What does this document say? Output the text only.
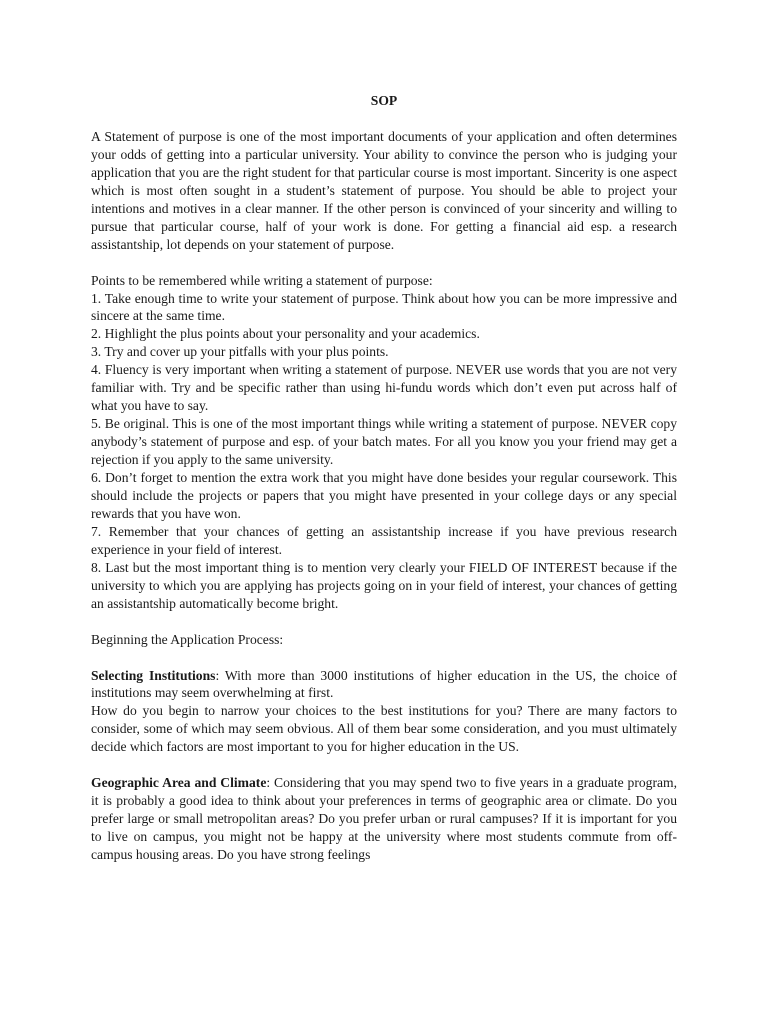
SOP

A Statement of purpose is one of the most important documents of your application and often determines your odds of getting into a particular university. Your ability to convince the person who is judging your application that you are the right student for that particular course is most important. Sincerity is one aspect which is most often sought in a student’s statement of purpose. You should be able to project your intentions and motives in a clear manner. If the other person is convinced of your sincerity and willing to pursue that particular course, half of your work is done. For getting a financial aid esp. a research assistantship, lot depends on your statement of purpose.

Points to be remembered while writing a statement of purpose:

1. Take enough time to write your statement of purpose. Think about how you can be more impressive and sincere at the same time.
2. Highlight the plus points about your personality and your academics.
3. Try and cover up your pitfalls with your plus points.
4. Fluency is very important when writing a statement of purpose. NEVER use words that you are not very familiar with. Try and be specific rather than using hi-fundu words which don’t even put across half of what you have to say.
5. Be original. This is one of the most important things while writing a statement of purpose. NEVER copy anybody’s statement of purpose and esp. of your batch mates. For all you know you your friend may get a rejection if you apply to the same university.
6. Don’t forget to mention the extra work that you might have done besides your regular coursework. This should include the projects or papers that you might have presented in your college days or any special rewards that you have won.
7. Remember that your chances of getting an assistantship increase if you have previous research experience in your field of interest.
8. Last but the most important thing is to mention very clearly your FIELD OF INTEREST because if the university to which you are applying has projects going on in your field of interest, your chances of getting an assistantship automatically become bright.

Beginning the Application Process:

Selecting Institutions: With more than 3000 institutions of higher education in the US, the choice of institutions may seem overwhelming at first.

How do you begin to narrow your choices to the best institutions for you? There are many factors to consider, some of which may seem obvious. All of them bear some consideration, and you must ultimately decide which factors are most important to you for higher education in the US.

Geographic Area and Climate: Considering that you may spend two to five years in a graduate program, it is probably a good idea to think about your preferences in terms of geographic area or climate. Do you prefer large or small metropolitan areas? Do you prefer urban or rural campuses? If it is important for you to live on campus, you might not be happy at the university where most students commute from off-campus housing areas. Do you have strong feelings
